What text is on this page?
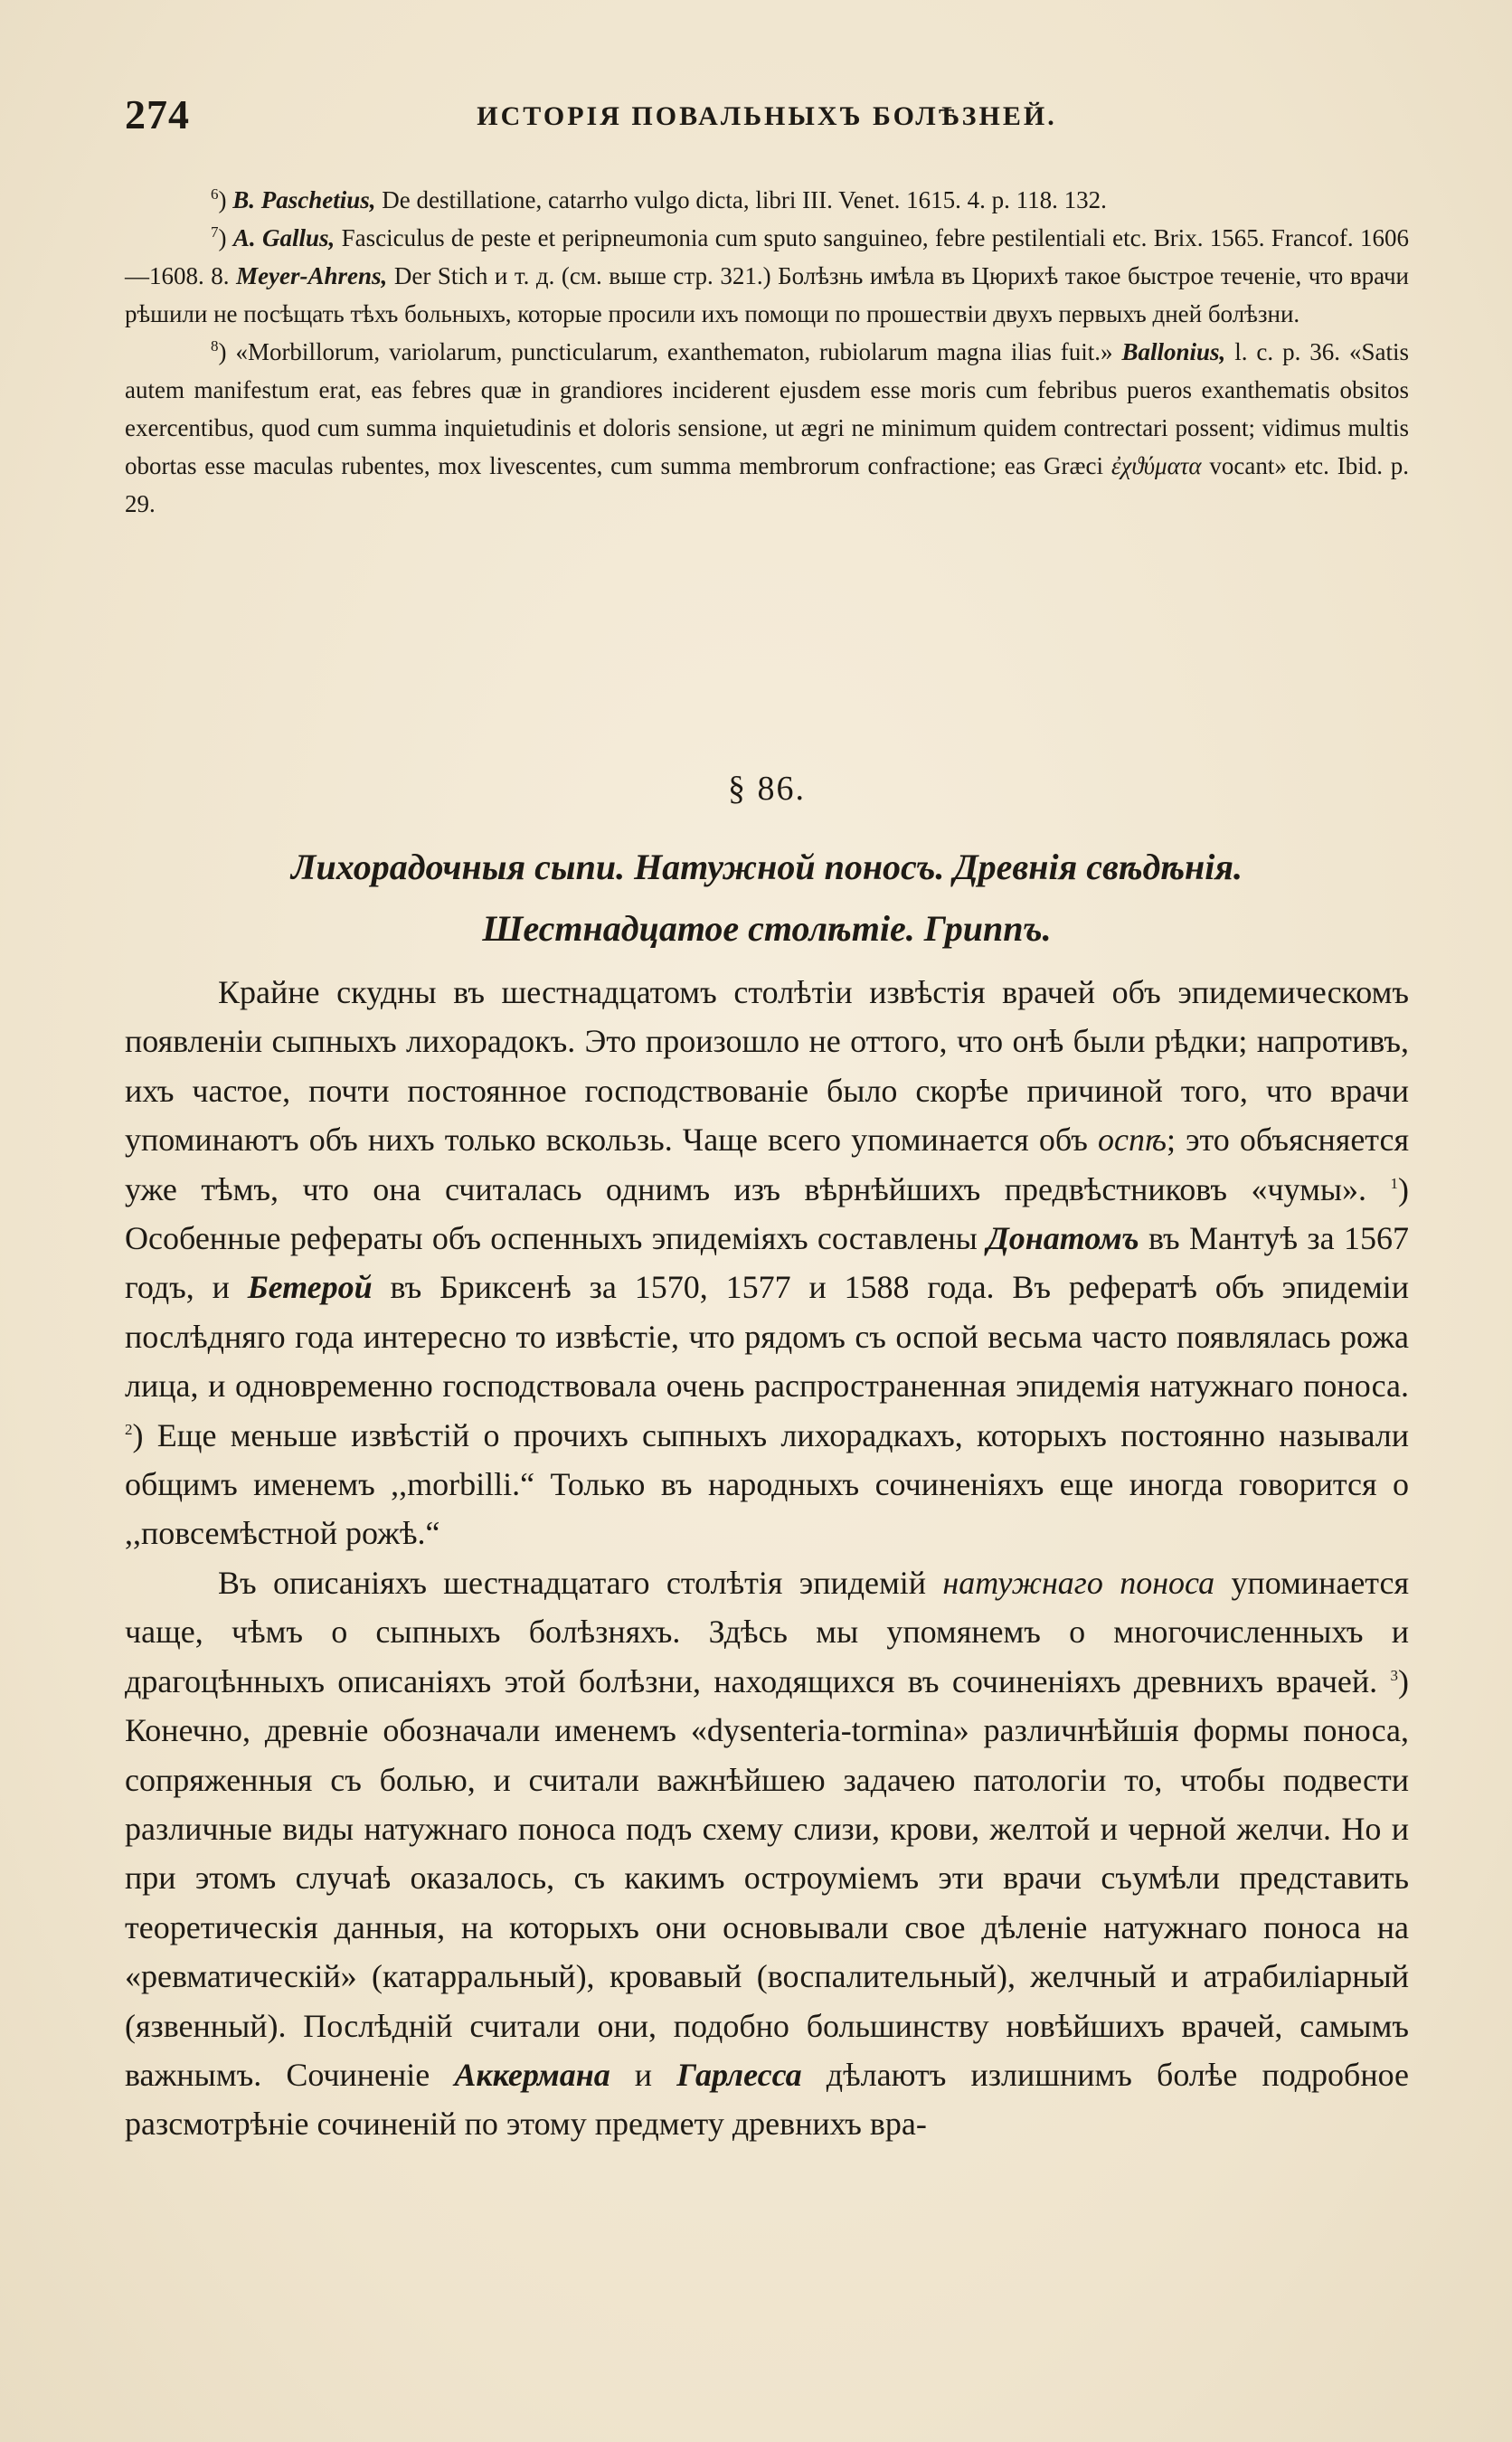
274	ИСТОРІЯ ПОВАЛЬНЫХЪ БОЛѢЗНЕЙ.

$^6$) B. Paschetius, De destillatione, catarrho vulgo dicta, libri III. Venet. 1615. 4. p. 118. 132.

$^7$) A. Gallus, Fasciculus de peste et peripneumonia cum sputo sanguineo, febre pestilentiali etc. Brix. 1565. Francof. 1606—1608. 8. Meyer-Ahrens, Der Stich и т. д. (см. выше стр. 321.) Болѣзнь имѣла въ Цюрихѣ такое быстрое теченіе, что врачи рѣшили не посѣщать тѣхъ больныхъ, которые просили ихъ помощи по прошествіи двухъ первыхъ дней болѣзни.

$^8$) «Morbillorum, variolarum, puncticularum, exanthematon, rubiolarum magna ilias fuit.» Ballonius, l. c. p. 36. «Satis autem manifestum erat, eas febres quæ in grandiores inciderent ejusdem esse moris cum febribus pueros exanthematis obsitos exercentibus, quod cum summa inquietudinis et doloris sensione, ut ægri ne minimum quidem contrectari possent; vidimus multis obortas esse maculas rubentes, mox livescentes, cum summa membrorum confractione; eas Græci ἐχϑύματα vocant» etc. Ibid. p. 29.

§ 86.
Лихорадочныя сыпи. Натужной поносъ. Древнія свѣдѣнія.
Шестнадцатое столѣтіе. Гриппъ.

Крайне скудны въ шестнадцатомъ столѣтіи извѣстія врачей объ эпидемическомъ появленіи сыпныхъ лихорадокъ. Это произошло не оттого, что онѣ были рѣдки; напротивъ, ихъ частое, почти постоянное господствованіе было скорѣе причиной того, что врачи упоминаютъ объ нихъ только вскользь. Чаще всего упоминается объ оспѣ; это объясняется уже тѣмъ, что она считалась однимъ изъ вѣрнѣйшихъ предвѣстниковъ «чумы». $^1$) Особенные рефераты объ оспенныхъ эпидеміяхъ составлены Донатомъ въ Мантуѣ за 1567 годъ, и Бетерой въ Бриксенѣ за 1570, 1577 и 1588 года. Въ рефератѣ объ эпидеміи послѣдняго года интересно то извѣстіе, что рядомъ съ оспой весьма часто появлялась рожа лица, и одновременно господствовала очень распространенная эпидемія натужнаго поноса. $^2$) Еще меньше извѣстій о прочихъ сыпныхъ лихорадкахъ, которыхъ постоянно называли общимъ именемъ ,,morbilli.“ Только въ народныхъ сочиненіяхъ еще иногда говорится о ,,повсемѣстной рожѣ.“

Въ описаніяхъ шестнадцатаго столѣтія эпидемій натужнаго поноса упоминается чаще, чѣмъ о сыпныхъ болѣзняхъ. Здѣсь мы упомянемъ о многочисленныхъ и драгоцѣнныхъ описаніяхъ этой болѣзни, находящихся въ сочиненіяхъ древнихъ врачей. $^3$) Конечно, древніе обозначали именемъ «dysenteria-tormina» различнѣйшія формы поноса, сопряженныя съ болью, и считали важнѣйшею задачею патологіи то, чтобы подвести различные виды натужнаго поноса подъ схему слизи, крови, желтой и черной желчи. Но и при этомъ случаѣ оказалось, съ какимъ остроуміемъ эти врачи съумѣли представить теоретическія данныя, на которыхъ они основывали свое дѣленіе натужнаго поноса на «ревматическій» (катарральный), кровавый (воспалительный), желчный и атрабиліарный (язвенный). Послѣдній считали они, подобно большинству новѣйшихъ врачей, самымъ важнымъ. Сочиненіе Аккермана и Гарлесса дѣлаютъ излишнимъ болѣе подробное разсмотрѣніе сочиненій по этому предмету древнихъ вра-
